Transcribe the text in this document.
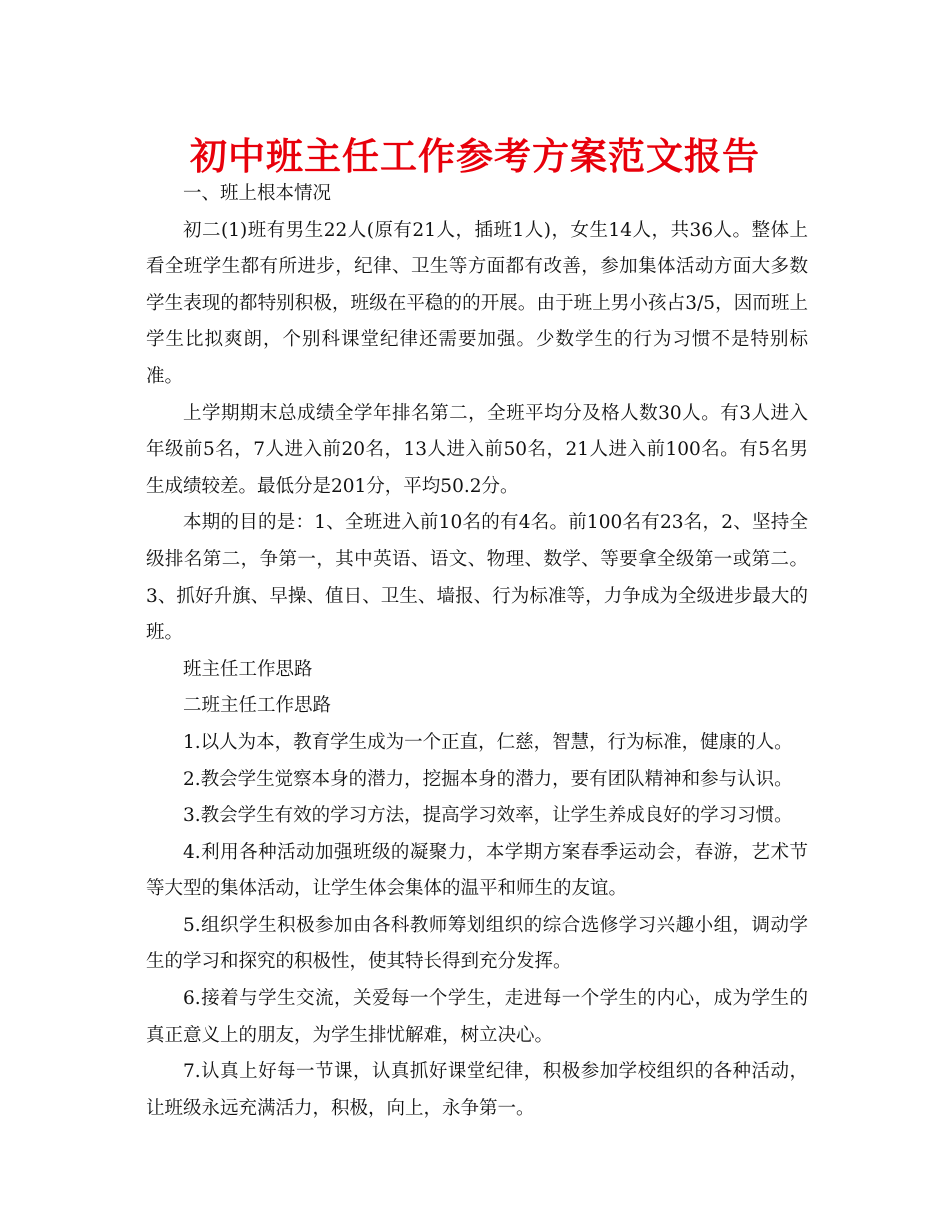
初中班主任工作参考方案范文报告

一、班上根本情况

初二(1)班有男生22人(原有21人，插班1人)，女生14人，共36人。整体上看全班学生都有所进步，纪律、卫生等方面都有改善，参加集体活动方面大多数学生表现的都特别积极，班级在平稳的的开展。由于班上男小孩占3/5，因而班上学生比拟爽朗，个别科课堂纪律还需要加强。少数学生的行为习惯不是特别标准。

上学期期末总成绩全学年排名第二，全班平均分及格人数30人。有3人进入年级前5名，7人进入前20名，13人进入前50名，21人进入前100名。有5名男生成绩较差。最低分是201分，平均50.2分。

本期的目的是：1、全班进入前10名的有4名。前100名有23名，2、坚持全级排名第二，争第一，其中英语、语文、物理、数学、等要拿全级第一或第二。3、抓好升旗、早操、值日、卫生、墙报、行为标准等，力争成为全级进步最大的班。

班主任工作思路

二班主任工作思路

1.以人为本，教育学生成为一个正直，仁慈，智慧，行为标准，健康的人。

2.教会学生觉察本身的潜力，挖掘本身的潜力，要有团队精神和参与认识。

3.教会学生有效的学习方法，提高学习效率，让学生养成良好的学习习惯。

4.利用各种活动加强班级的凝聚力，本学期方案春季运动会，春游，艺术节等大型的集体活动，让学生体会集体的温平和师生的友谊。

5.组织学生积极参加由各科教师筹划组织的综合选修学习兴趣小组，调动学生的学习和探究的积极性，使其特长得到充分发挥。

6.接着与学生交流，关爱每一个学生，走进每一个学生的内心，成为学生的真正意义上的朋友，为学生排忧解难，树立决心。

7.认真上好每一节课，认真抓好课堂纪律，积极参加学校组织的各种活动，让班级永远充满活力，积极，向上，永争第一。
